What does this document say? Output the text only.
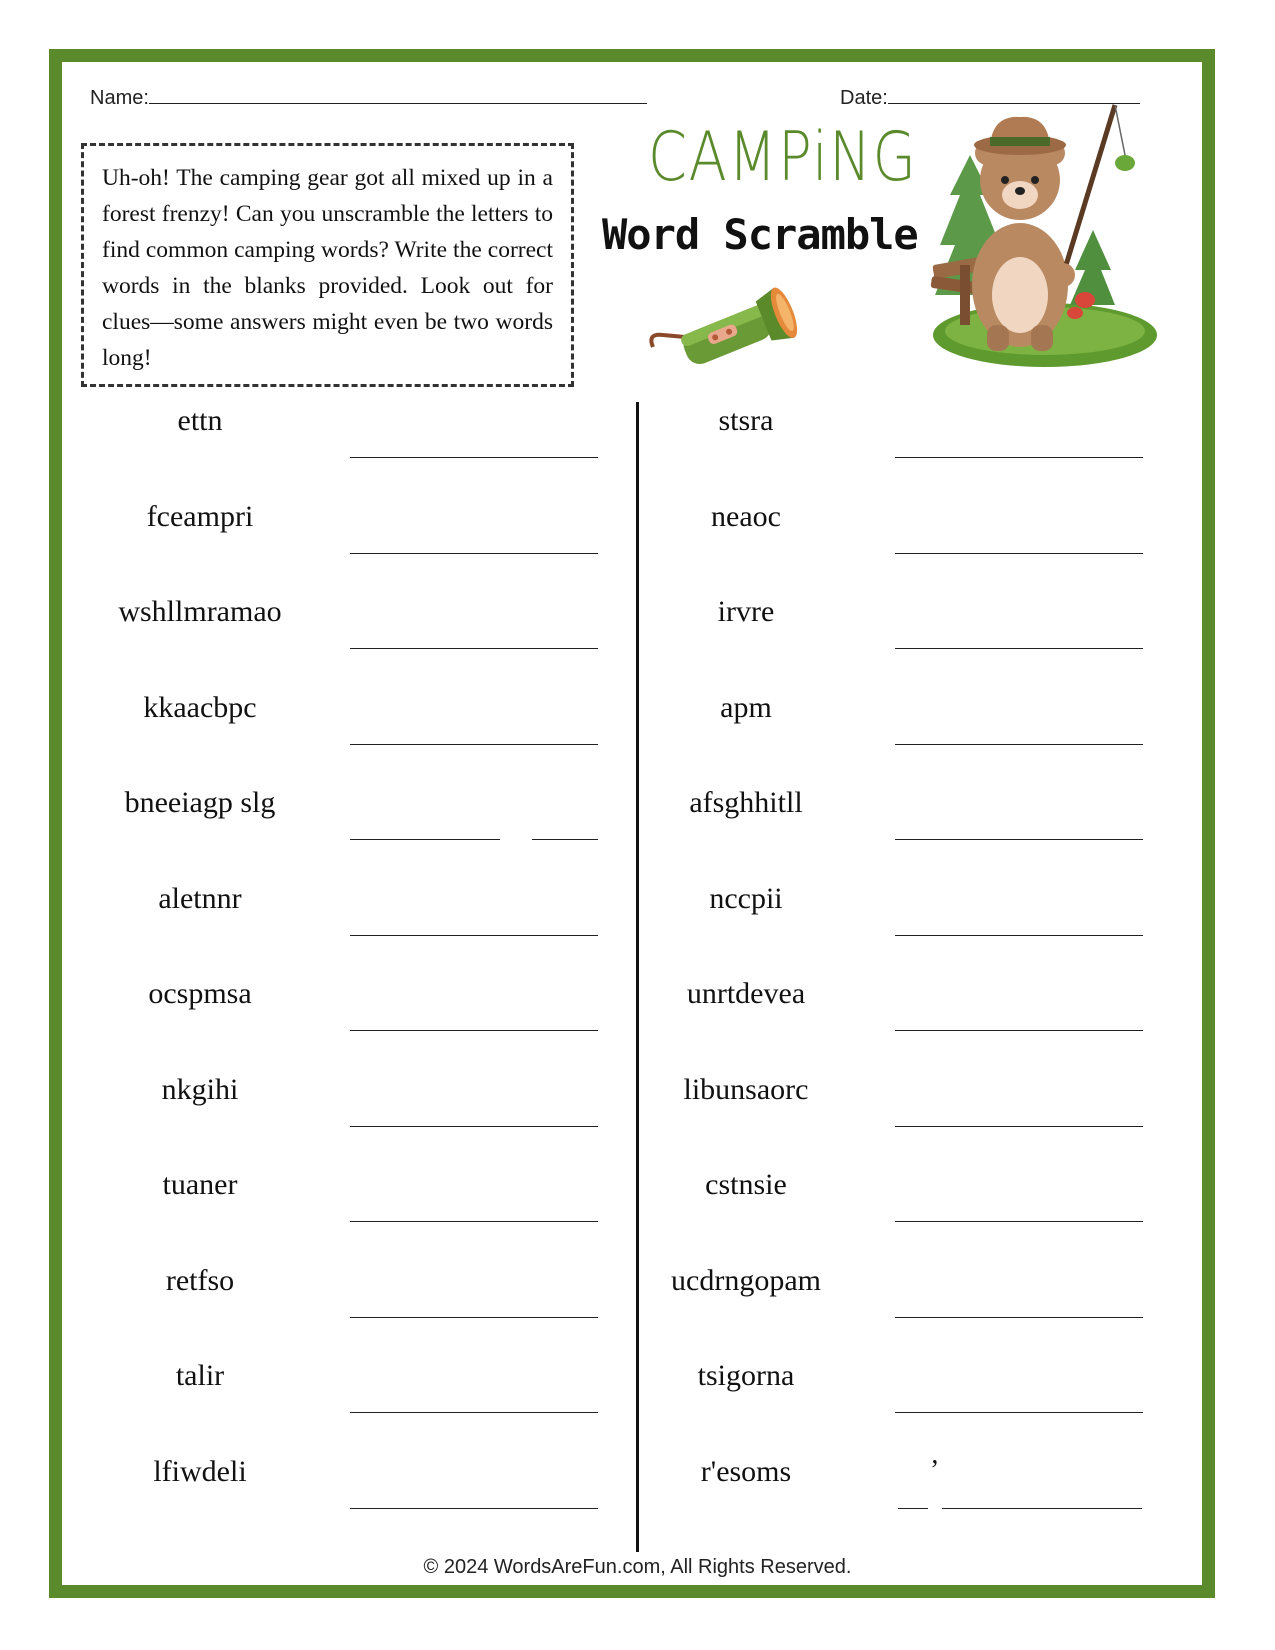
Name:	Date:
Uh-oh! The camping gear got all mixed up in a forest frenzy! Can you unscramble the letters to find common camping words? Write the correct words in the blanks provided. Look out for clues—some answers might even be two words long!
CAMPiNG
Word Scramble
ettn
fceampri
wshllmramao
kkaacbpc
bneeiagp slg
aletnnr
ocspmsa
nkgihi
tuaner
retfso
talir
lfiwdeli
stsra
neaoc
irvre
apm
afsghhitll
nccpii
unrtdevea
libunsaorc
cstnsie
ucdrngopam
tsigorna
r'esoms	’
© 2024 WordsAreFun.com, All Rights Reserved.
